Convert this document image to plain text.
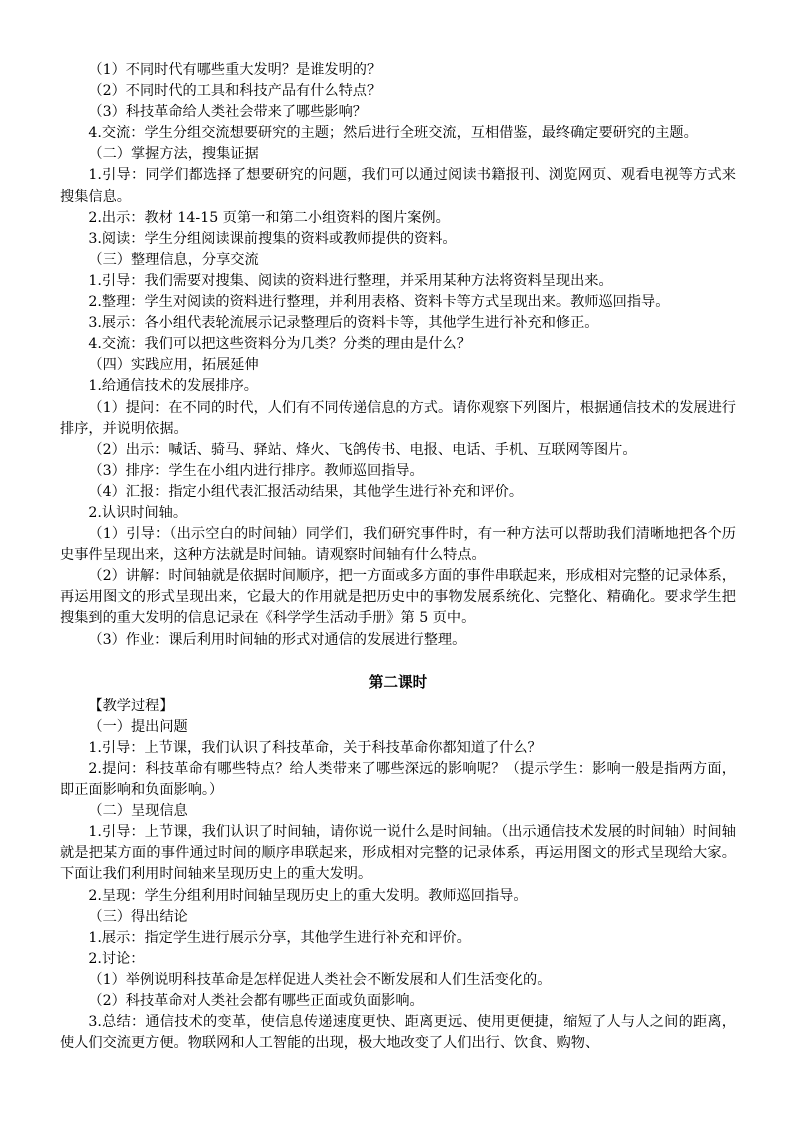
（1）不同时代有哪些重大发明？是谁发明的？

（2）不同时代的工具和科技产品有什么特点？

（3）科技革命给人类社会带来了哪些影响？

4.交流：学生分组交流想要研究的主题；然后进行全班交流，互相借鉴，最终确定要研究的主题。

（二）掌握方法，搜集证据

1.引导：同学们都选择了想要研究的问题，我们可以通过阅读书籍报刊、浏览网页、观看电视等方式来搜集信息。

2.出示：教材 14-15 页第一和第二小组资料的图片案例。

3.阅读：学生分组阅读课前搜集的资料或教师提供的资料。

（三）整理信息，分享交流

1.引导：我们需要对搜集、阅读的资料进行整理，并采用某种方法将资料呈现出来。

2.整理：学生对阅读的资料进行整理，并利用表格、资料卡等方式呈现出来。教师巡回指导。

3.展示：各小组代表轮流展示记录整理后的资料卡等，其他学生进行补充和修正。

4.交流：我们可以把这些资料分为几类？分类的理由是什么？

（四）实践应用，拓展延伸

1.给通信技术的发展排序。

（1）提问：在不同的时代，人们有不同传递信息的方式。请你观察下列图片，根据通信技术的发展进行排序，并说明依据。

（2）出示：喊话、骑马、驿站、烽火、飞鸽传书、电报、电话、手机、互联网等图片。

（3）排序：学生在小组内进行排序。教师巡回指导。

（4）汇报：指定小组代表汇报活动结果，其他学生进行补充和评价。

2.认识时间轴。

（1）引导：（出示空白的时间轴）同学们，我们研究事件时，有一种方法可以帮助我们清晰地把各个历史事件呈现出来，这种方法就是时间轴。请观察时间轴有什么特点。

（2）讲解：时间轴就是依据时间顺序，把一方面或多方面的事件串联起来，形成相对完整的记录体系，再运用图文的形式呈现出来，它最大的作用就是把历史中的事物发展系统化、完整化、精确化。要求学生把搜集到的重大发明的信息记录在《科学学生活动手册》第 5 页中。

（3）作业：课后利用时间轴的形式对通信的发展进行整理。

第二课时

【教学过程】

（一）提出问题

1.引导：上节课，我们认识了科技革命，关于科技革命你都知道了什么？

2.提问：科技革命有哪些特点？给人类带来了哪些深远的影响呢？（提示学生：影响一般是指两方面，即正面影响和负面影响。）

（二）呈现信息

1.引导：上节课，我们认识了时间轴，请你说一说什么是时间轴。（出示通信技术发展的时间轴）时间轴就是把某方面的事件通过时间的顺序串联起来，形成相对完整的记录体系，再运用图文的形式呈现给大家。下面让我们利用时间轴来呈现历史上的重大发明。

2.呈现：学生分组利用时间轴呈现历史上的重大发明。教师巡回指导。

（三）得出结论

1.展示：指定学生进行展示分享，其他学生进行补充和评价。

2.讨论：

（1）举例说明科技革命是怎样促进人类社会不断发展和人们生活变化的。

（2）科技革命对人类社会都有哪些正面或负面影响。

3.总结：通信技术的变革，使信息传递速度更快、距离更远、使用更便捷，缩短了人与人之间的距离，使人们交流更方便。物联网和人工智能的出现，极大地改变了人们出行、饮食、购物、
